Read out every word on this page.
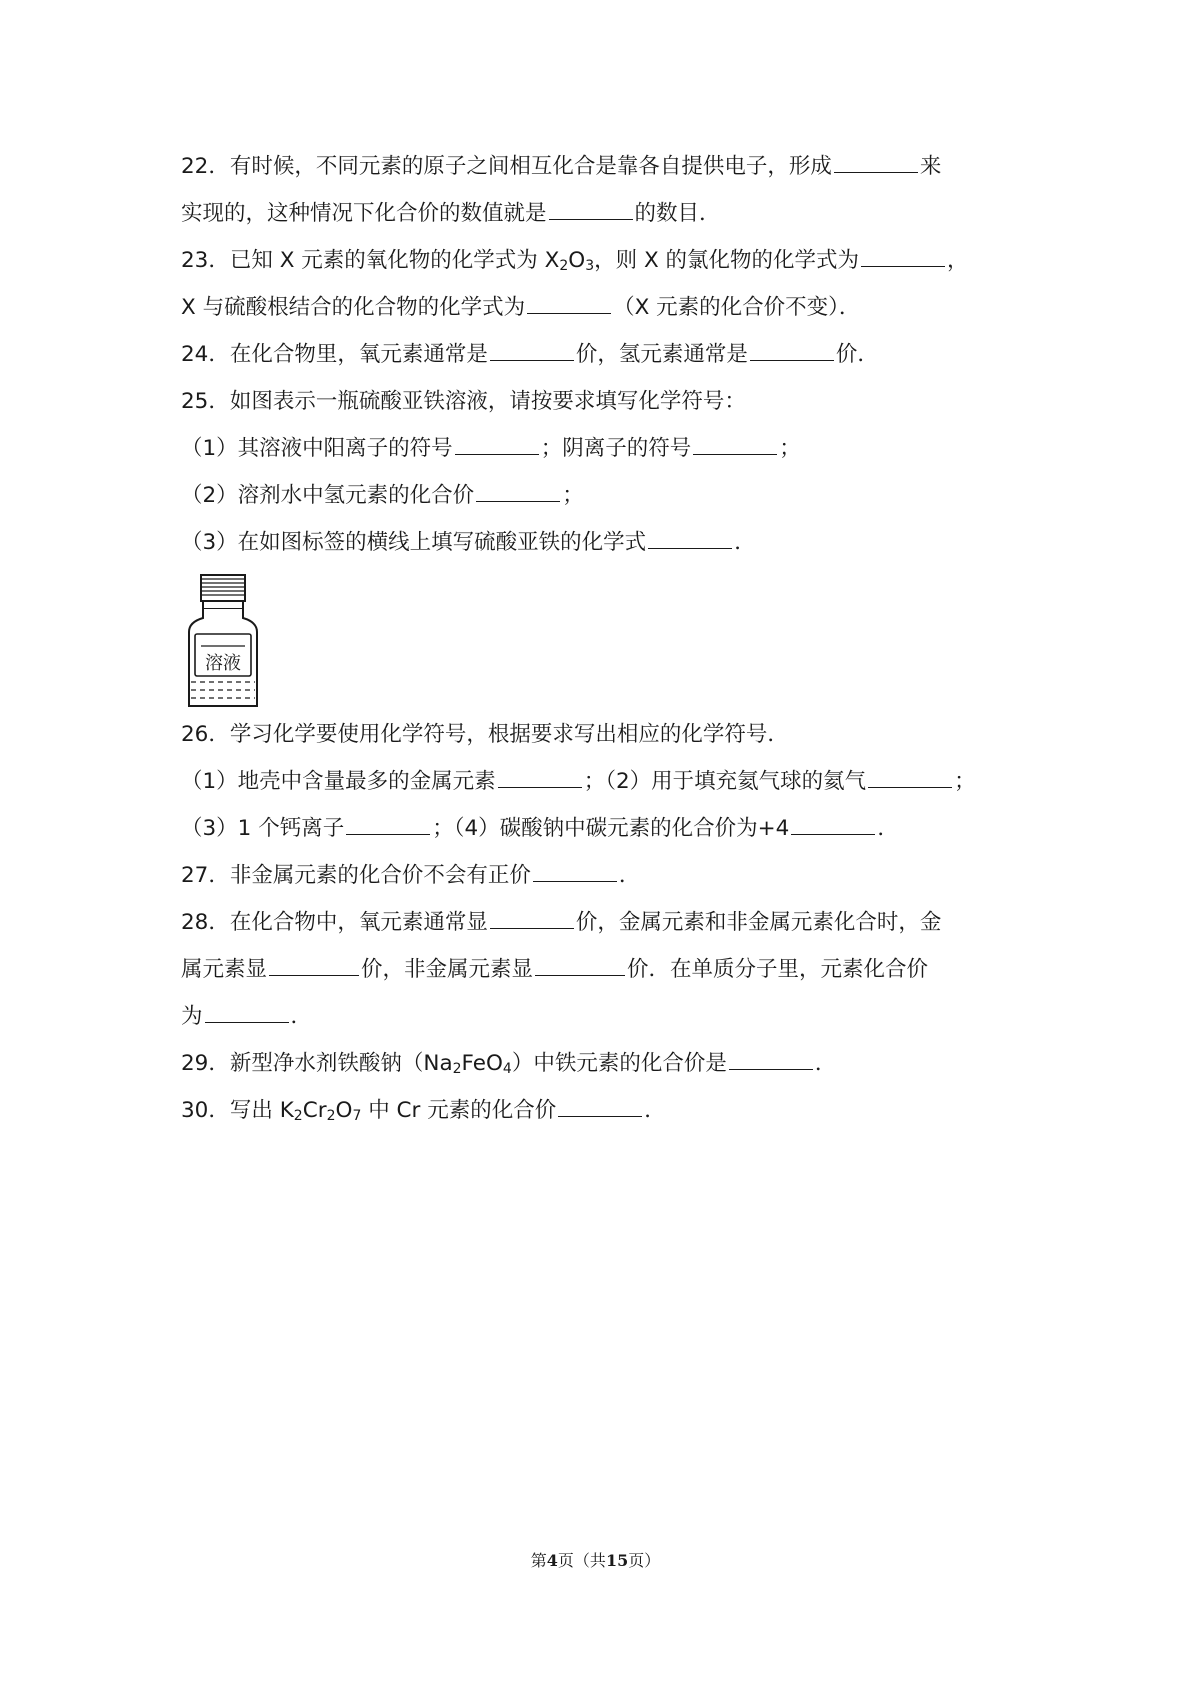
22．有时候，不同元素的原子之间相互化合是靠各自提供电子，形成	来
实现的，这种情况下化合价的数值就是	的数目．
23．已知 X 元素的氧化物的化学式为 $X_2O_3$，则 X 的氯化物的化学式为	，
X 与硫酸根结合的化合物的化学式为	（X 元素的化合价不变）．
24．在化合物里，氧元素通常是	价，氢元素通常是	价．
25．如图表示一瓶硫酸亚铁溶液，请按要求填写化学符号：
（1）其溶液中阳离子的符号	；阴离子的符号	；
（2）溶剂水中氢元素的化合价	；
（3）在如图标签的横线上填写硫酸亚铁的化学式	．
溶液
26．学习化学要使用化学符号，根据要求写出相应的化学符号．
（1）地壳中含量最多的金属元素	；（2）用于填充氦气球的氦气	；
（3）1 个钙离子	；（4）碳酸钠中碳元素的化合价为+4	．
27．非金属元素的化合价不会有正价	．
28．在化合物中，氧元素通常显	价，金属元素和非金属元素化合时，金
属元素显	价，非金属元素显	价．在单质分子里，元素化合价
为	．
29．新型净水剂铁酸钠$(Na_2FeO_4)$中铁元素的化合价是	．
30．写出 $K_2Cr_2O_7$ 中 Cr 元素的化合价	．
第4页（共15页）
